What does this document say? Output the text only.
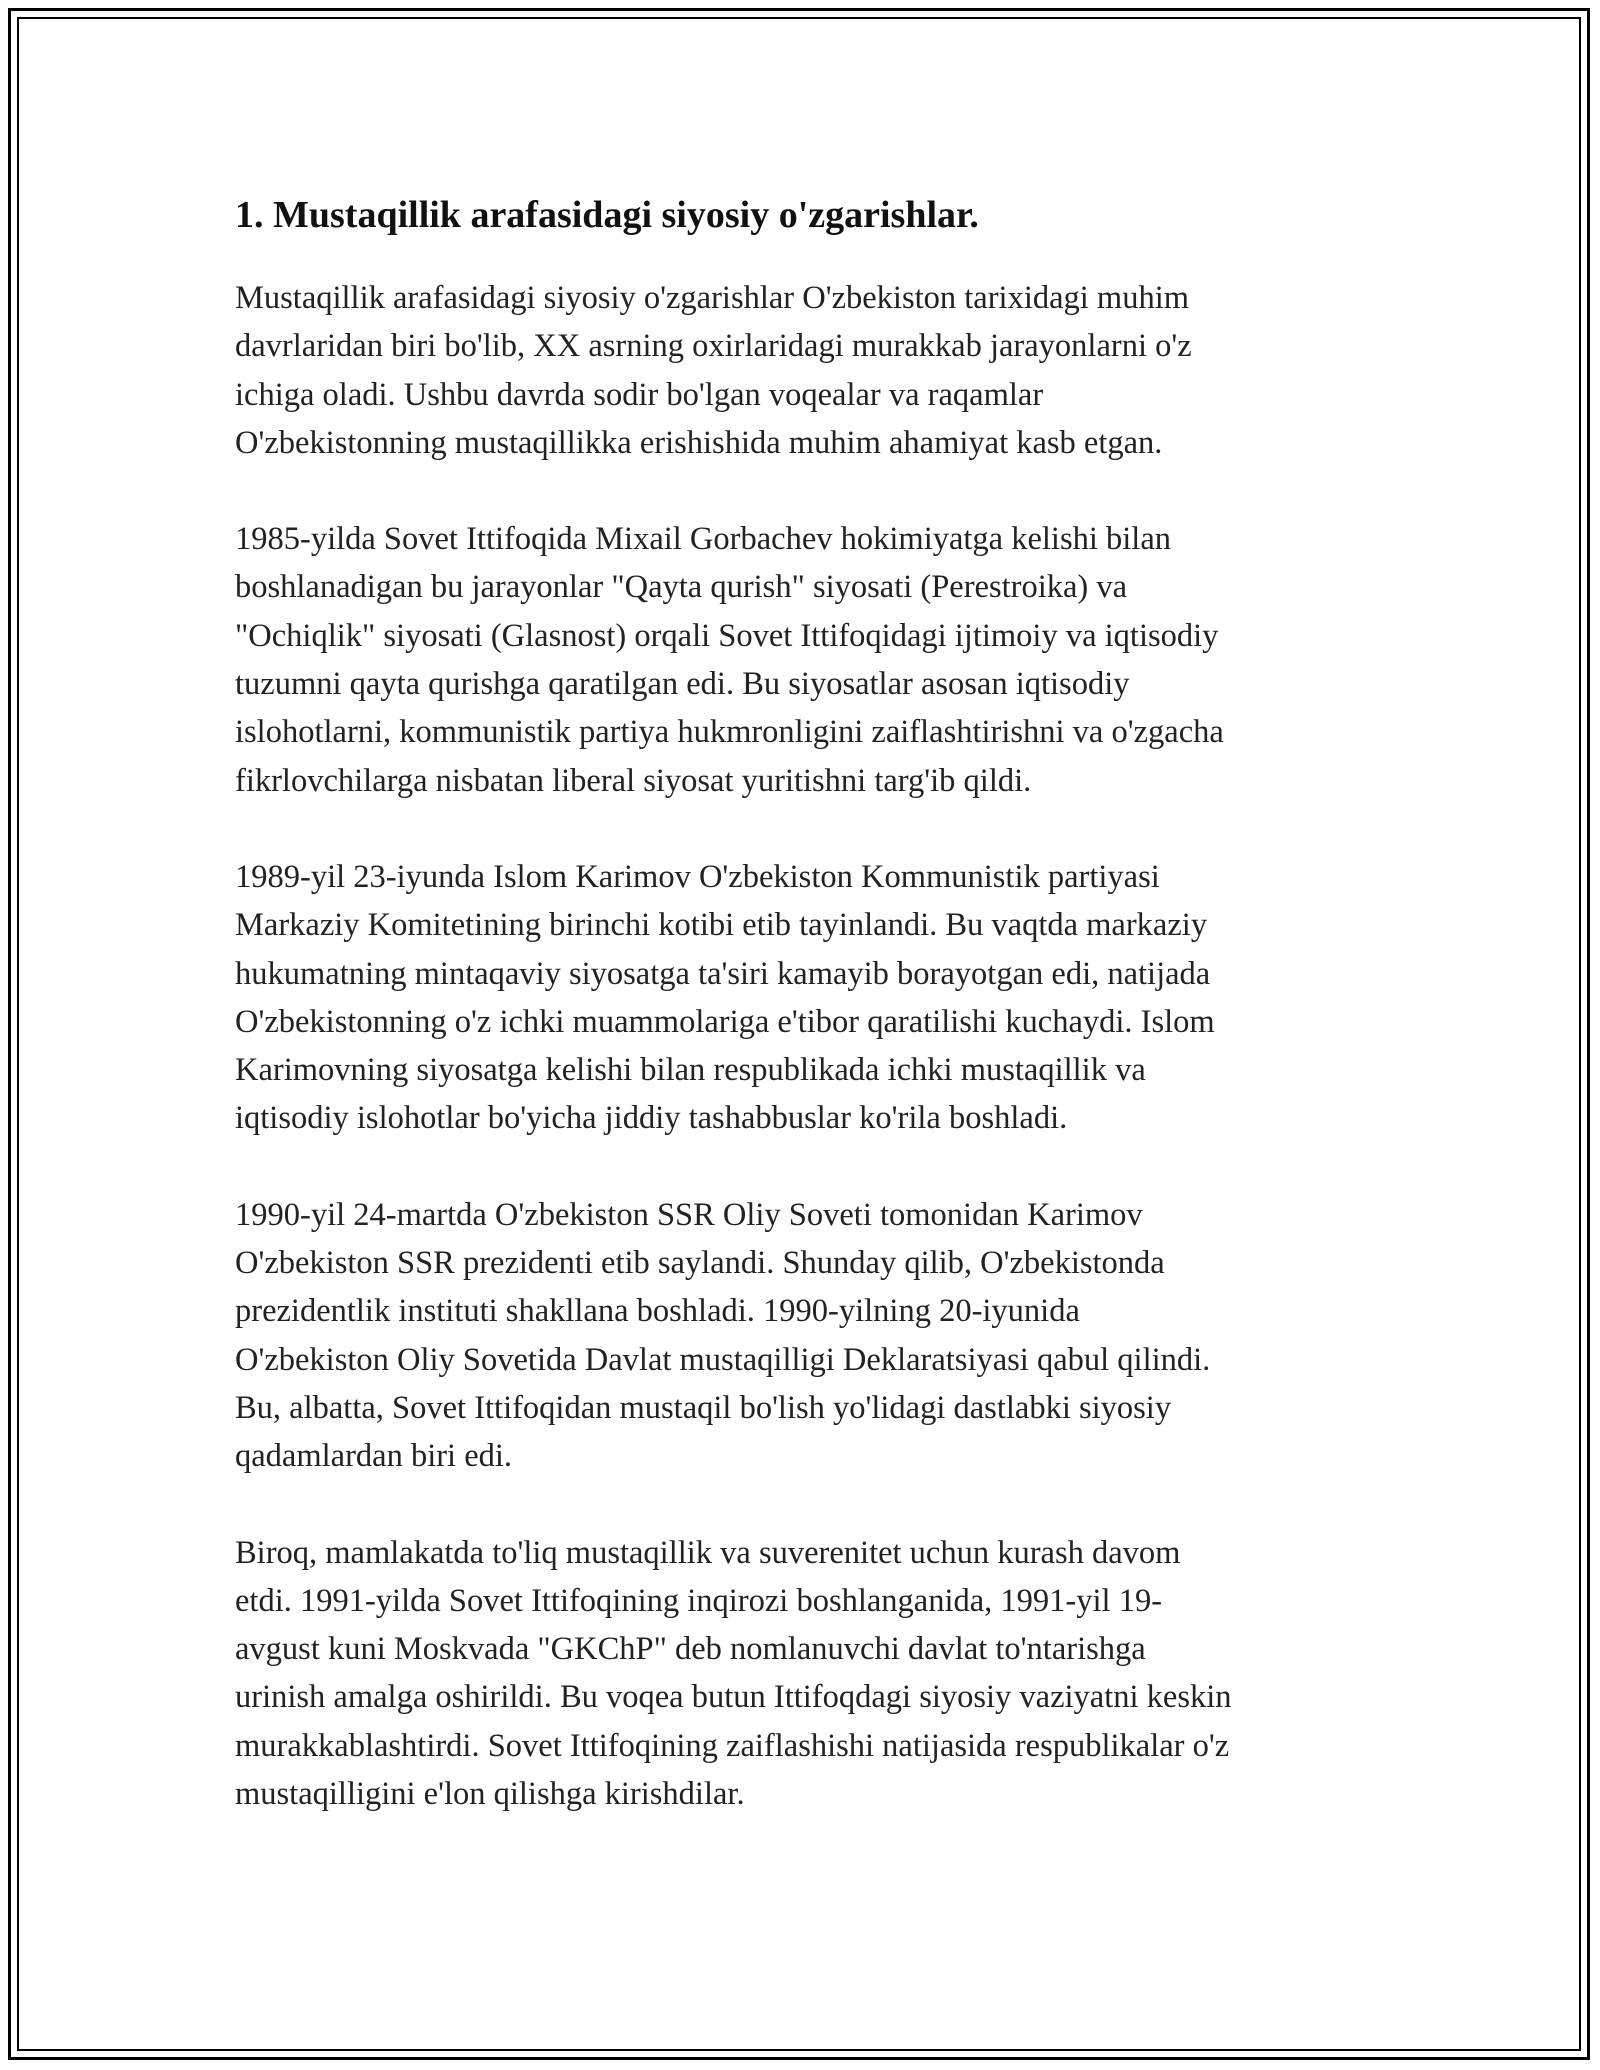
1. Mustaqillik arafasidagi siyosiy o'zgarishlar.

Mustaqillik arafasidagi siyosiy o'zgarishlar O'zbekiston tarixidagi muhim
davrlaridan biri bo'lib, XX asrning oxirlaridagi murakkab jarayonlarni o'z
ichiga oladi. Ushbu davrda sodir bo'lgan voqealar va raqamlar
O'zbekistonning mustaqillikka erishishida muhim ahamiyat kasb etgan.

1985-yilda Sovet Ittifoqida Mixail Gorbachev hokimiyatga kelishi bilan
boshlanadigan bu jarayonlar "Qayta qurish" siyosati (Perestroika) va
"Ochiqlik" siyosati (Glasnost) orqali Sovet Ittifoqidagi ijtimoiy va iqtisodiy
tuzumni qayta qurishga qaratilgan edi. Bu siyosatlar asosan iqtisodiy
islohotlarni, kommunistik partiya hukmronligini zaiflashtirishni va o'zgacha
fikrlovchilarga nisbatan liberal siyosat yuritishni targ'ib qildi.

1989-yil 23-iyunda Islom Karimov O'zbekiston Kommunistik partiyasi
Markaziy Komitetining birinchi kotibi etib tayinlandi. Bu vaqtda markaziy
hukumatning mintaqaviy siyosatga ta'siri kamayib borayotgan edi, natijada
O'zbekistonning o'z ichki muammolariga e'tibor qaratilishi kuchaydi. Islom
Karimovning siyosatga kelishi bilan respublikada ichki mustaqillik va
iqtisodiy islohotlar bo'yicha jiddiy tashabbuslar ko'rila boshladi.

1990-yil 24-martda O'zbekiston SSR Oliy Soveti tomonidan Karimov
O'zbekiston SSR prezidenti etib saylandi. Shunday qilib, O'zbekistonda
prezidentlik instituti shakllana boshladi. 1990-yilning 20-iyunida
O'zbekiston Oliy Sovetida Davlat mustaqilligi Deklaratsiyasi qabul qilindi.
Bu, albatta, Sovet Ittifoqidan mustaqil bo'lish yo'lidagi dastlabki siyosiy
qadamlardan biri edi.

Biroq, mamlakatda to'liq mustaqillik va suverenitet uchun kurash davom
etdi. 1991-yilda Sovet Ittifoqining inqirozi boshlanganida, 1991-yil 19-
avgust kuni Moskvada "GKChP" deb nomlanuvchi davlat to'ntarishga
urinish amalga oshirildi. Bu voqea butun Ittifoqdagi siyosiy vaziyatni keskin
murakkablashtirdi. Sovet Ittifoqining zaiflashishi natijasida respublikalar o'z
mustaqilligini e'lon qilishga kirishdilar.
